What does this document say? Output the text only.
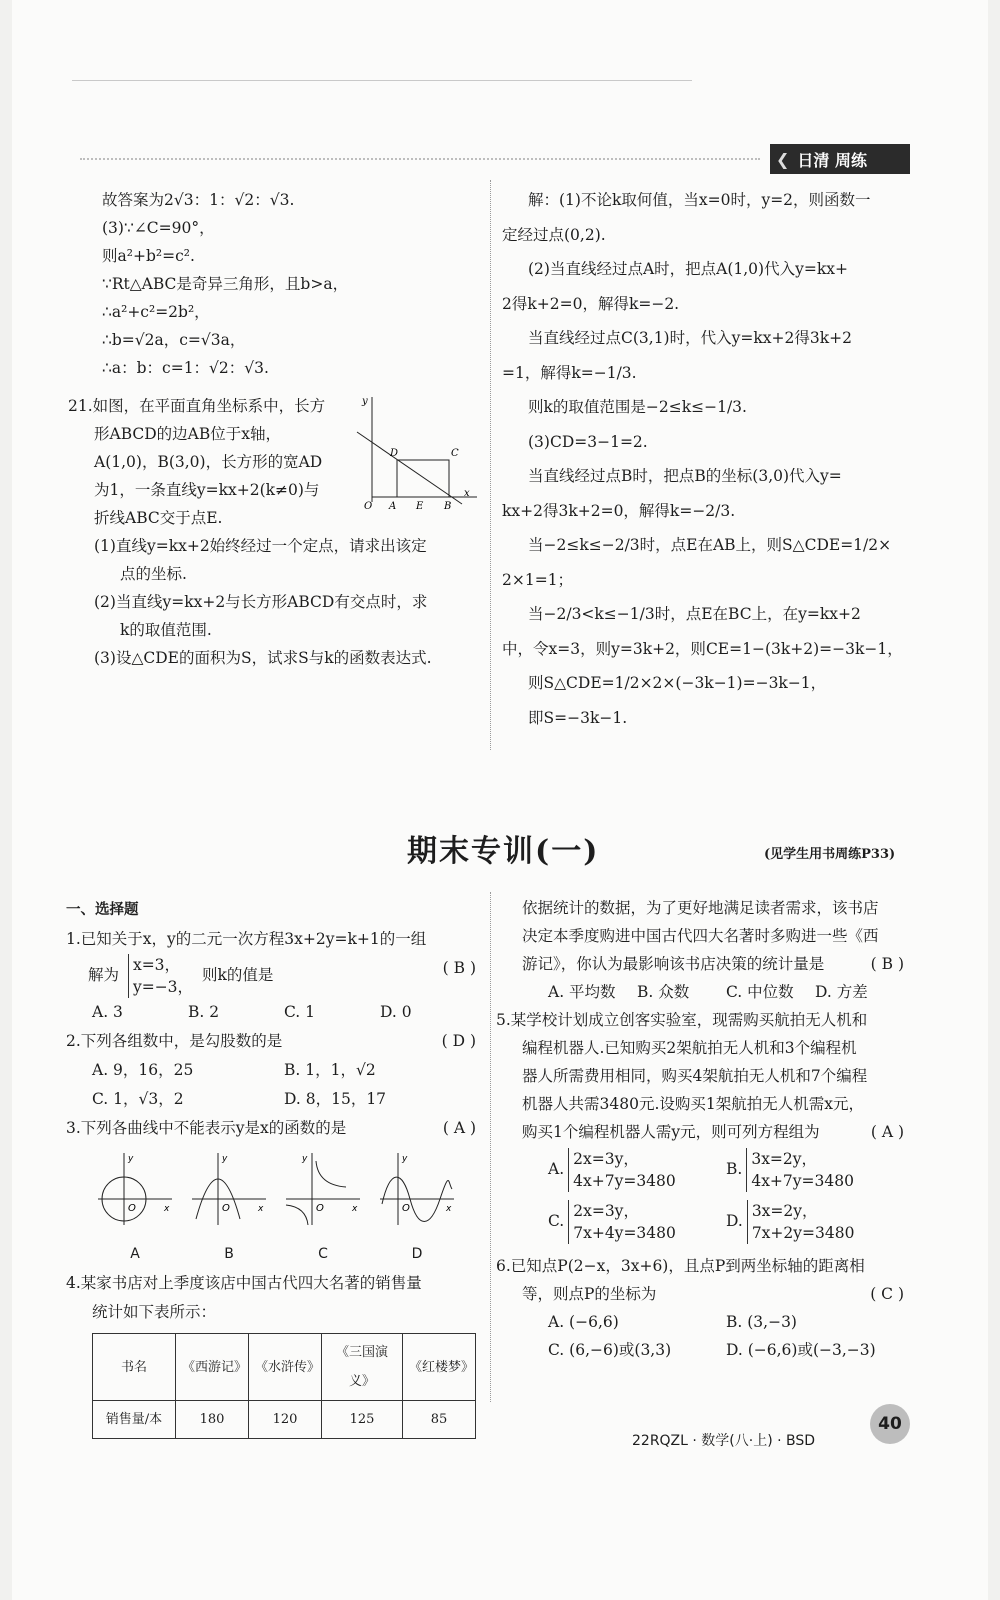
❮ 日清 周练

故答案为2√3：1：√2：√3.

(3)∵∠C=90°，

则a²+b²=c².

∵Rt△ABC是奇异三角形，且b>a，

∴a²+c²=2b²，

∴b=√2a，c=√3a，

∴a：b：c=1：√2：√3.

21.如图，在平面直角坐标系中，长方

形ABCD的边AB位于x轴，

A(1,0)，B(3,0)，长方形的宽AD

为1，一条直线y=kx+2(k≠0)与

折线ABC交于点E.

x
y
O A E B
D	C

(1)直线y=kx+2始终经过一个定点，请求出该定

点的坐标.

(2)当直线y=kx+2与长方形ABCD有交点时，求

k的取值范围.

(3)设△CDE的面积为S，试求S与k的函数表达式.

解：(1)不论k取何值，当x=0时，y=2，则函数一

定经过点(0,2).

(2)当直线经过点A时，把点A(1,0)代入y=kx+

2得k+2=0，解得k=−2.

当直线经过点C(3,1)时，代入y=kx+2得3k+2

=1，解得k=−1/3.

则k的取值范围是−2≤k≤−1/3.

(3)CD=3−1=2.

当直线经过点B时，把点B的坐标(3,0)代入y=

kx+2得3k+2=0，解得k=−2/3.

当−2≤k≤−2/3时，点E在AB上，则S△CDE=1/2×

2×1=1；

当−2/3<k≤−1/3时，点E在BC上，在y=kx+2

中，令x=3，则y=3k+2，则CE=1−(3k+2)=−3k−1，

则S△CDE=1/2×2×(−3k−1)=−3k−1，

即S=−3k−1.

期末专训(一)	(见学生用书周练P33)

一、选择题

1.已知关于x，y的二元一次方程3x+2y=k+1的一组

解为
x=3，
y=−3，
则k的值是	( B )

A. 3	B. 2	C. 1	D. 0

2.下列各组数中，是勾股数的是	( D )

A. 9，16，25	B. 1，1，√2

C. 1，√3，2	D. 8，15，17

3.下列各曲线中不能表示y是x的函数的是	( A )

O	x
y
A
O	x
y
B
O	x
y
C
O	x
y
D

4.某家书店对上季度该店中国古代四大名著的销售量

统计如下表所示：

书名	《西游记》	《水浒传》	《三国演义》	《红楼梦》
销售量/本	180	120	125	85

依据统计的数据，为了更好地满足读者需求，该书店

决定本季度购进中国古代四大名著时多购进一些《西

游记》，你认为最影响该书店决策的统计量是	( B )

A. 平均数	B. 众数	C. 中位数	D. 方差

5.某学校计划成立创客实验室，现需购买航拍无人机和

编程机器人.已知购买2架航拍无人机和3个编程机

器人所需费用相同，购买4架航拍无人机和7个编程

机器人共需3480元.设购买1架航拍无人机需x元，

购买1个编程机器人需y元，则可列方程组为	( A )

A.
2x=3y，
4x+7y=3480
B.
3x=2y，
4x+7y=3480
C.
2x=3y，
7x+4y=3480
D.
3x=2y，
7x+2y=3480

6.已知点P(2−x，3x+6)，且点P到两坐标轴的距离相

等，则点P的坐标为	( C )

A. (−6,6)	B. (3,−3)

C. (6,−6)或(3,3)	D. (−6,6)或(−3,−3)

22RQZL · 数学(八·上) · BSD
40
